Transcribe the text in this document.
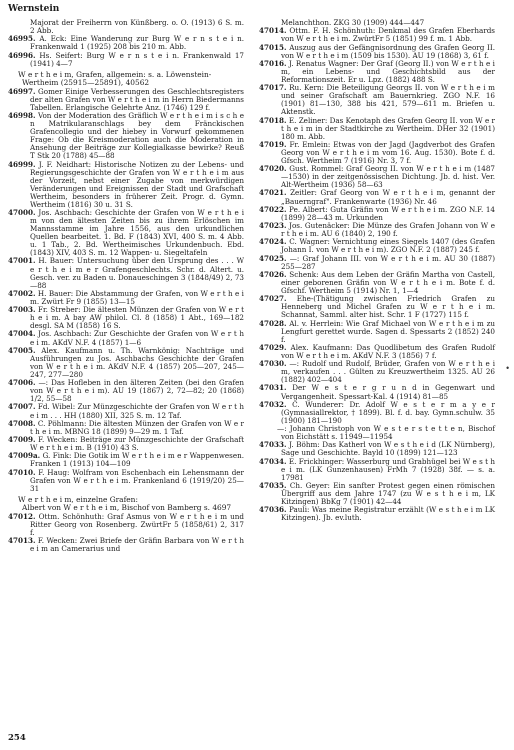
Wernstein
Majorat der Freiherrn von Künßberg. o. O. (1913) 6 S. m. 2 Abb.
46995. A. Eck: Eine Wanderung zur Burg W e r n s t e i n. Frankenwald 1 (1925) 208 bis 210 m. Abb.
46996. Hs. Seifert: Burg W e r n s t e i n. Frankenwald 17 (1941) 4—7
W e r t h e i m, Grafen, allgemein: s. a. Löwenstein-Wertheim (25915—25891), 40562
46997. Gomer Einige Verbesserungen des Geschlechtsregisters der alten Grafen von W e r t h e i m in Herrn Biedermanns Tabellen. Erlangische Gelehrte Anz. (1746) 129 f.
46998. Von der Moderation des Gräflich W e r t h e i m i s c h e n Matrikularanschlags bey dem Fränckischen Grafencollegio und der hiebey in Vorwurf gekommenen Frage: Ob die Kreismoderation auch die Moderation in Ansehung der Beiträge zur Kollegialkasse bewirke? Reuß T Stk 20 (1788) 45—88
46999. J. F. Neidhart: Historische Notizen zu der Lebens- und Regierungsgeschichte der Grafen von W e r t h e i m aus der Vorzeit, nebst einer Zugabe von merkwürdigen Veränderungen und Ereignissen der Stadt und Grafschaft Wertheim, besonders in früherer Zeit. Progr. d. Gymn. Wertheim (1816) 30 u. 31 S.
47000. Jos. Aschbach: Geschichte der Grafen von W e r t h e i m von den ältesten Zeiten bis zu ihrem Erlöschen im Mannsstamme im Jahre 1556, aus den urkundlichen Quellen bearbeitet. 1. Bd. F (1843) XVI, 400 S. m. 4 Abb. u. 1 Tab., 2. Bd. Wertheimisches Urkundenbuch. Ebd. (1843) XIV, 403 S. m. 12 Wappen- u. Siegeltafeln
47001. H. Bauer: Untersuchung über den Ursprung des . . . W e r t h e i m e r Grafengeschlechts. Schr. d. Altert. u. Gesch. ver. zu Baden u. Donaueschingen 3 (1848/49) 2, 73—88
47002. H. Bauer: Die Abstammung der Grafen, von W e r t h e i m. Zwürt Fr 9 (1855) 13—15
47003. Fr. Streber: Die ältesten Münzen der Grafen von W e r t h e i m. A bay AW philol. Cl. 8 (1858) 1 Abt., 169—182 desgl. SA M (1858) 16 S.
47004. Jos. Aschbach: Zur Geschichte der Grafen von W e r t h e i m. AKdV N.F. 4 (1857) 1—6
47005. Alex. Kaufmann u. Th. Warnkönig: Nachträge und Ausführungen zu Jos. Aschbachs Geschichte der Grafen von W e r t h e i m. AKdV N.F. 4 (1857) 205—207, 245—247, 277—280
47006. —: Das Hofleben in den älteren Zeiten (bei den Grafen von W e r t h e i m). AU 19 (1867) 2, 72—82; 20 (1868) 1/2, 55—58
47007. Fd. Wibel: Zur Münzgeschichte der Grafen von W e r t h e i m . . . HH (1880) XII, 325 S. m. 12 Taf.
47008. C. Pöhlmann: Die ältesten Münzen der Grafen von W e r t h e i m. MBNG 18 (1899) 9—29 m. 1 Taf.
47009. F. Wecken: Beiträge zur Münzgeschichte der Grafschaft W e r t h e i m. B (1910) 43 S.
47009a. G. Fink: Die Gotik im W e r t h e i m e r Wappenwesen. Franken 1 (1913) 104—109
47010. F. Haug: Wolfram von Eschenbach ein Lehensmann der Grafen von W e r t h e i m. Frankenland 6 (1919/20) 25—31
W e r t h e i m, einzelne Grafen:
Albert von W e r t h e i m, Bischof von Bamberg s. 4697
47012. Ottm. Schönhuth: Graf Asmus von W e r t h e i m und Ritter Georg von Rosenberg. ZwürtFr 5 (1858/61) 2, 317 f.
47013. F. Wecken: Zwei Briefe der Gräfin Barbara von W e r t h e i m an Camerarius und
Melanchthon. ZKG 30 (1909) 444—447
47014. Ottm. F. H. Schönhuth: Denkmal des Grafen Eberhards von W e r t h e i m. ZwürtFr 5 (1851) 99 f. m. 1 Abb.
47015. Auszug aus der Gefängnisordnung des Grafen Georg II. von W e r t h e i m (1509 bis 1530). AU 19 (1868) 3, 61 f.
47016. J. Renatus Wagner: Der Graf (Georg II.) von W e r t h e i m, ein Lebens- und Geschichtsbild aus der Reformationszeit. Er u. Lpz. (1882) 488 S.
47017. Ru. Kern: Die Beteiligung Georgs II. von W e r t h e i m und seiner Grafschaft am Bauernkrieg. ZGO N.F. 16 (1901) 81—130, 388 bis 421, 579—611 m. Briefen u. Aktenstk.
47018. E. Zeliner: Das Kenotaph des Grafen Georg II. von W e r t h e i m in der Stadtkirche zu Wertheim. DHer 32 (1901) 180 m. Abb.
47019. Fr. Emlein: Etwas von der Jagd (Jagdverbot des Grafen Georg von W e r t h e i m vom 16. Aug. 1530). Bote f. d. Gfsch. Wertheim 7 (1916) Nr. 3, 7 f.
47020. Gust. Rommel: Graf Georg II. von W e r t h e i m (1487—1530) in der zeitgenössischen Dichtung. Jb. d. hist. Ver. Alt-Wertheim (1936) 58—63
47021. Zeitler: Graf Georg von W e r t h e i m, genannt der „Bauerngraf". Frankenwarte (1936) Nr. 46
47022. Pe. Albert: Guta Gräfin von W e r t h e i m. ZGO N.F. 14 (1899) 28—43 m. Urkunden
47023. Jos. Gutenäcker: Die Münze des Grafen Johann von W e r t h e i m. AU 6 (1840) 2, 190 f.
47024. C. Wagner: Vernichtung eines Siegels 1407 (des Grafen Johann I. von W e r t h e i m). ZGO N.F. 2 (1887) 245 f.
47025. —: Graf Johann III. von W e r t h e i m. AU 30 (1887) 255—287
47026. Schenk: Aus dem Leben der Gräfin Martha von Castell, einer geborenen Gräfin von W e r t h e i m. Bote f. d. Gfschf. Wertheim 5 (1914) Nr. 1, 1—4
47027. Ehe-(Thätigung zwischen Friedrich Grafen zu Henneberg und Michel Grafen zu W e r t h e i m. Schannat, Samml. alter hist. Schr. 1 F (1727) 115 f.
47028. Al. v. Herrlein: Wie Graf Michael von W e r t h e i m zu Lengfurt gerettet wurde. Sagen d. Spessarts 2 (1852) 240 f.
47029. Alex. Kaufmann: Das Quodlibetum des Grafen Rudolf von W e r t h e i m. AKdV N.F. 3 (1856) 7 f.
47030. —: Rudolf und Rudolf, Brüder, Grafen von W e r t h e i m, verkaufen . . . Gülten zu Kreuzwertheim 1325. AU 26 (1882) 402—404
47031. Der W e s t e r g r u n d in Gegenwart und Vergangenheit. Spessart-Kal. 4 (1914) 81—85
47032. C. Wunderer: Dr. Adolf W e s t e r m a y e r (Gymnasiallrektor, † 1899). Bl. f. d. bay. Gymn.schulw. 35 (1900) 181—190
—: Johann Christoph von W e s t e r s t e t t e n, Bischof von Eichstätt s. 11949—11954
47033. J. Böhm: Das Katherl von W e s t h e i d (LK Nürnberg), Sage und Geschichte. Bayld 10 (1899) 121—123
47034. E. Frickhinger: Wasserburg und Grabhügel bei W e s t h e i m. (LK Gunzenhausen) FrMh 7 (1928) 38f. — s. a. 17981
47035. Ch. Geyer: Ein sanfter Protest gegen einen römischen Übergriff aus dem Jahre 1747 (zu W e s t h e i m, LK Kitzingen) BbKg 7 (1901) 42—44
47036. Pauli: Was meine Registratur erzählt (W e s t h e i m LK Kitzingen). Jb. ev.luth.
•
254
